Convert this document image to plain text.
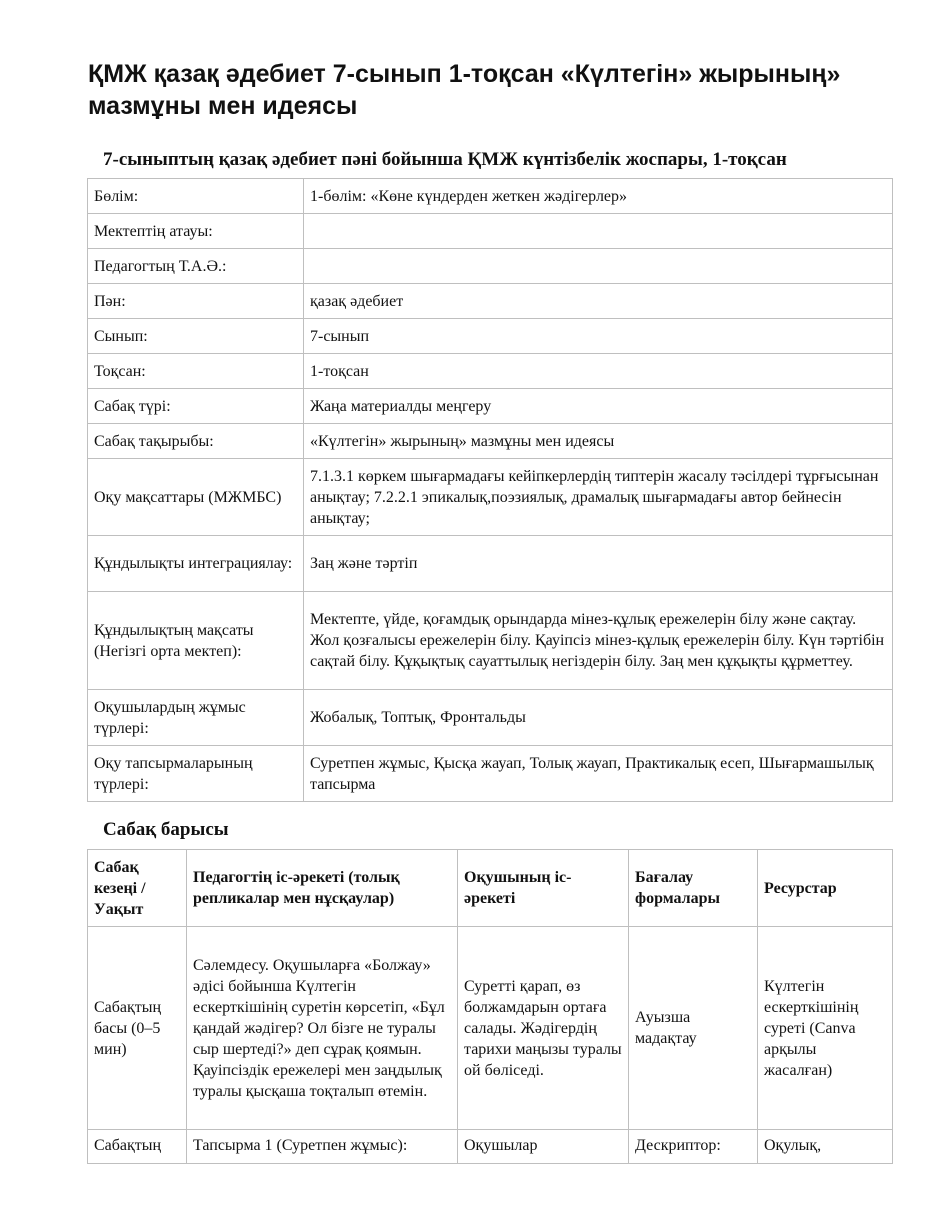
ҚМЖ қазақ әдебиет 7-сынып 1-тоқсан «Күлтегін» жырының» мазмұны мен идеясы
7-сыныптың қазақ әдебиет пәні бойынша ҚМЖ күнтізбелік жоспары, 1-тоқсан
Бөлім:	1-бөлім: «Көне күндерден жеткен жәдігерлер»
Мектептің атауы:	
Педагогтың Т.А.Ә.:	
Пән:	қазақ әдебиет
Сынып:	7-сынып
Тоқсан:	1-тоқсан
Сабақ түрі:	Жаңа материалды меңгеру
Сабақ тақырыбы:	«Күлтегін» жырының» мазмұны мен идеясы
Оқу мақсаттары (МЖМБС)	7.1.3.1 көркем шығармадағы кейіпкерлердің типтерін жасалу тәсілдері тұрғысынан анықтау; 7.2.2.1 эпикалық,поэзиялық, драмалық шығармадағы автор бейнесін анықтау;
Құндылықты интеграциялау:	Заң және тәртіп
Құндылықтың мақсаты (Негізгі орта мектеп):	Мектепте, үйде, қоғамдық орындарда мінез-құлық ережелерін білу және сақтау. Жол қозғалысы ережелерін білу. Қауіпсіз мінез-құлық ережелерін білу. Күн тәртібін сақтай білу. Құқықтық сауаттылық негіздерін білу. Заң мен құқықты құрметтеу.
Оқушылардың жұмыс түрлері:	Жобалық, Топтық, Фронтальды
Оқу тапсырмаларының түрлері:	Суретпен жұмыс, Қысқа жауап, Толық жауап, Практикалық есеп, Шығармашылық тапсырма
Сабақ барысы
Сабақ кезеңі / Уақыт	Педагогтің іс-әрекеті (толық репликалар мен нұсқаулар)	Оқушының іс-әрекеті	Бағалау формалары	Ресурстар
Сабақтың басы (0–5 мин)	Сәлемдесу. Оқушыларға «Болжау» әдісі бойынша Күлтегін ескерткішінің суретін көрсетіп, «Бұл қандай жәдігер? Ол бізге не туралы сыр шертеді?» деп сұрақ қоямын. Қауіпсіздік ережелері мен заңдылық туралы қысқаша тоқталып өтемін.	Суретті қарап, өз болжамдарын ортаға салады. Жәдігердің тарихи маңызы туралы ой бөліседі.	Ауызша мадақтау	Күлтегін ескерткішінің суреті (Canva арқылы жасалған)
Сабақтың	Тапсырма 1 (Суретпен жұмыс):	Оқушылар	Дескриптор:	Оқулық,
